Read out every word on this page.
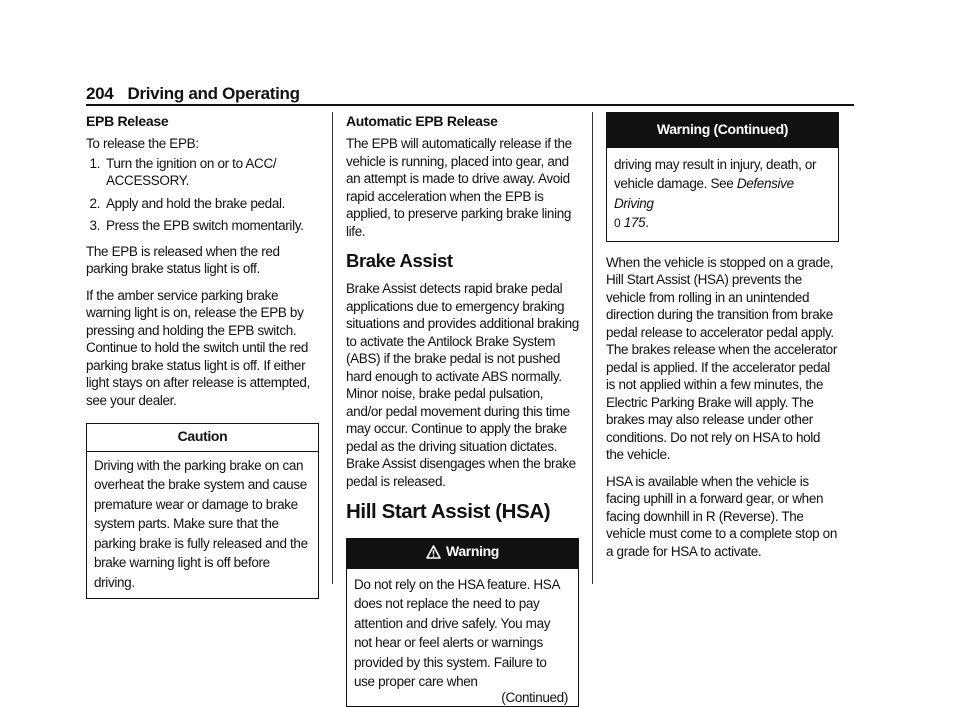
204 Driving and Operating
EPB Release

To release the EPB:

1. Turn the ignition on or to ACC/ ACCESSORY.
2. Apply and hold the brake pedal.
3. Press the EPB switch momentarily.

The EPB is released when the red parking brake status light is off.

If the amber service parking brake warning light is on, release the EPB by pressing and holding the EPB switch. Continue to hold the switch until the red parking brake status light is off. If either light stays on after release is attempted, see your dealer.

Caution

Driving with the parking brake on can overheat the brake system and cause premature wear or damage to brake system parts. Make sure that the parking brake is fully released and the brake warning light is off before driving.

Automatic EPB Release

The EPB will automatically release if the vehicle is running, placed into gear, and an attempt is made to drive away. Avoid rapid acceleration when the EPB is applied, to preserve parking brake lining life.

Brake Assist

Brake Assist detects rapid brake pedal applications due to emergency braking situations and provides additional braking to activate the Antilock Brake System (ABS) if the brake pedal is not pushed hard enough to activate ABS normally. Minor noise, brake pedal pulsation, and/or pedal movement during this time may occur. Continue to apply the brake pedal as the driving situation dictates. Brake Assist disengages when the brake pedal is released.

Hill Start Assist (HSA)
Warning

Do not rely on the HSA feature. HSA does not replace the need to pay attention and drive safely. You may not hear or feel alerts or warnings provided by this system. Failure to use proper care when

(Continued)
Warning (Continued)

driving may result in injury, death, or vehicle damage. See Defensive Driving
0 175.

When the vehicle is stopped on a grade, Hill Start Assist (HSA) prevents the vehicle from rolling in an unintended direction during the transition from brake pedal release to accelerator pedal apply. The brakes release when the accelerator pedal is applied. If the accelerator pedal is not applied within a few minutes, the Electric Parking Brake will apply. The brakes may also release under other conditions. Do not rely on HSA to hold the vehicle.

HSA is available when the vehicle is facing uphill in a forward gear, or when facing downhill in R (Reverse). The vehicle must come to a complete stop on a grade for HSA to activate.
